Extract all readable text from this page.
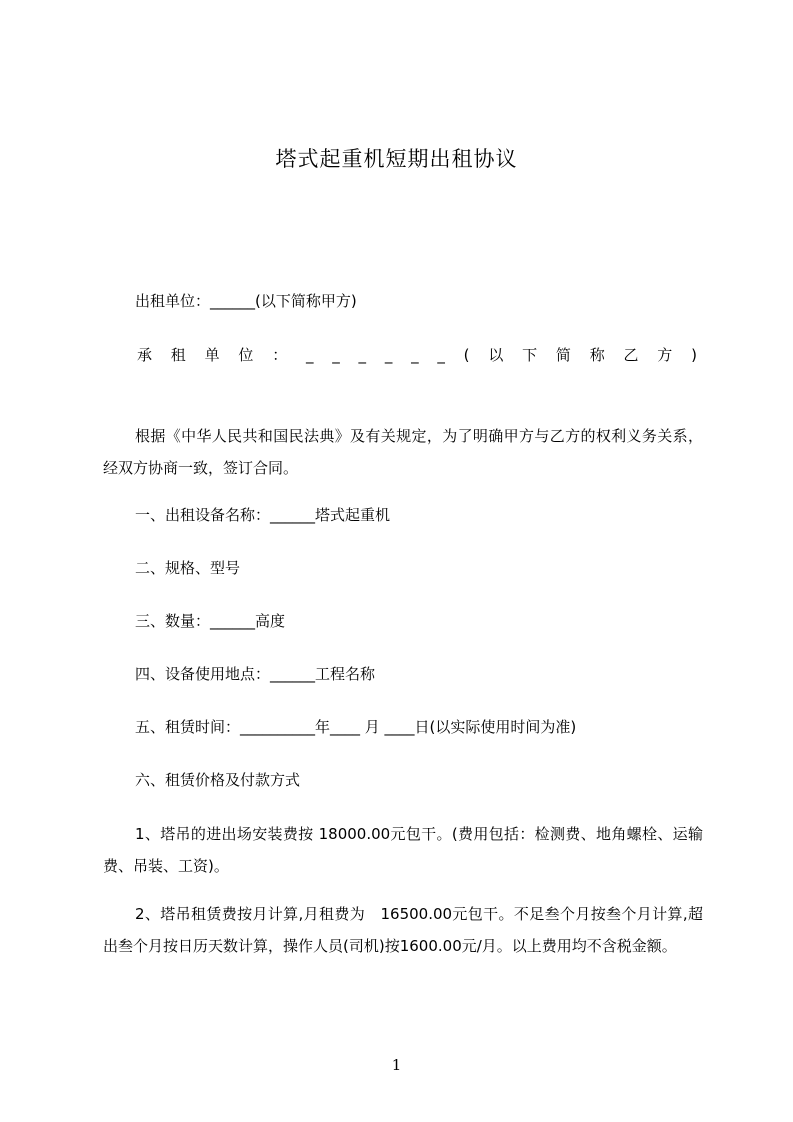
塔式起重机短期出租协议
出租单位：______(以下简称甲方)
承 租 单 位 ： _ _ _ _ _ _ ( 以 下 简 称 乙 方 )
根据《中华人民共和国民法典》及有关规定，为了明确甲方与乙方的权利义务关系，经双方协商一致，签订合同。
一、出租设备名称：______塔式起重机
二、规格、型号
三、数量：______高度
四、设备使用地点：______工程名称
五、租赁时间：__________年____ 月 ____日(以实际使用时间为准)
六、租赁价格及付款方式
1、塔吊的进出场安装费按 18000.00元包干。(费用包括：检测费、地角螺栓、运输费、吊装、工资)。
2、塔吊租赁费按月计算,月租费为　16500.00元包干。不足叁个月按叁个月计算,超出叁个月按日历天数计算，操作人员(司机)按1600.00元/月。以上费用均不含税金额。
1
